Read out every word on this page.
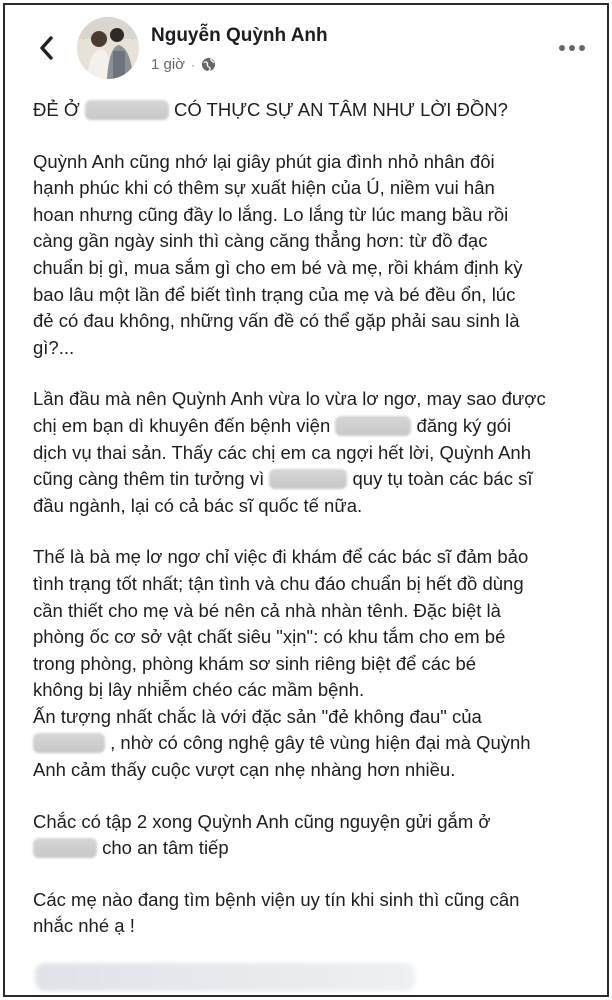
Nguyễn Quỳnh Anh
1 giờ ·
ĐẺ Ở	CÓ THỰC SỰ AN TÂM NHƯ LỜI ĐỒN?
Quỳnh Anh cũng nhớ lại giây phút gia đình nhỏ nhân đôi
hạnh phúc khi có thêm sự xuất hiện của Ú, niềm vui hân
hoan nhưng cũng đầy lo lắng. Lo lắng từ lúc mang bầu rồi
càng gần ngày sinh thì càng căng thẳng hơn: từ đồ đạc
chuẩn bị gì, mua sắm gì cho em bé và mẹ, rồi khám định kỳ
bao lâu một lần để biết tình trạng của mẹ và bé đều ổn, lúc
đẻ có đau không, những vấn đề có thể gặp phải sau sinh là
gì?...
Lần đầu mà nên Quỳnh Anh vừa lo vừa lơ ngơ, may sao được
chị em bạn dì khuyên đến bệnh viện	đăng ký gói
dịch vụ thai sản. Thấy các chị em ca ngợi hết lời, Quỳnh Anh
cũng càng thêm tin tưởng vì	quy tụ toàn các bác sĩ
đầu ngành, lại có cả bác sĩ quốc tế nữa.
Thế là bà mẹ lơ ngơ chỉ việc đi khám để các bác sĩ đảm bảo
tình trạng tốt nhất; tận tình và chu đáo chuẩn bị hết đồ dùng
cần thiết cho mẹ và bé nên cả nhà nhàn tênh. Đặc biệt là
phòng ốc cơ sở vật chất siêu "xịn": có khu tắm cho em bé
trong phòng, phòng khám sơ sinh riêng biệt để các bé
không bị lây nhiễm chéo các mầm bệnh.
Ấn tượng nhất chắc là với đặc sản "đẻ không đau" của
, nhờ có công nghệ gây tê vùng hiện đại mà Quỳnh
Anh cảm thấy cuộc vượt cạn nhẹ nhàng hơn nhiều.
Chắc có tập 2 xong Quỳnh Anh cũng nguyện gửi gắm ở
cho an tâm tiếp
Các mẹ nào đang tìm bệnh viện uy tín khi sinh thì cũng cân
nhắc nhé ạ !
